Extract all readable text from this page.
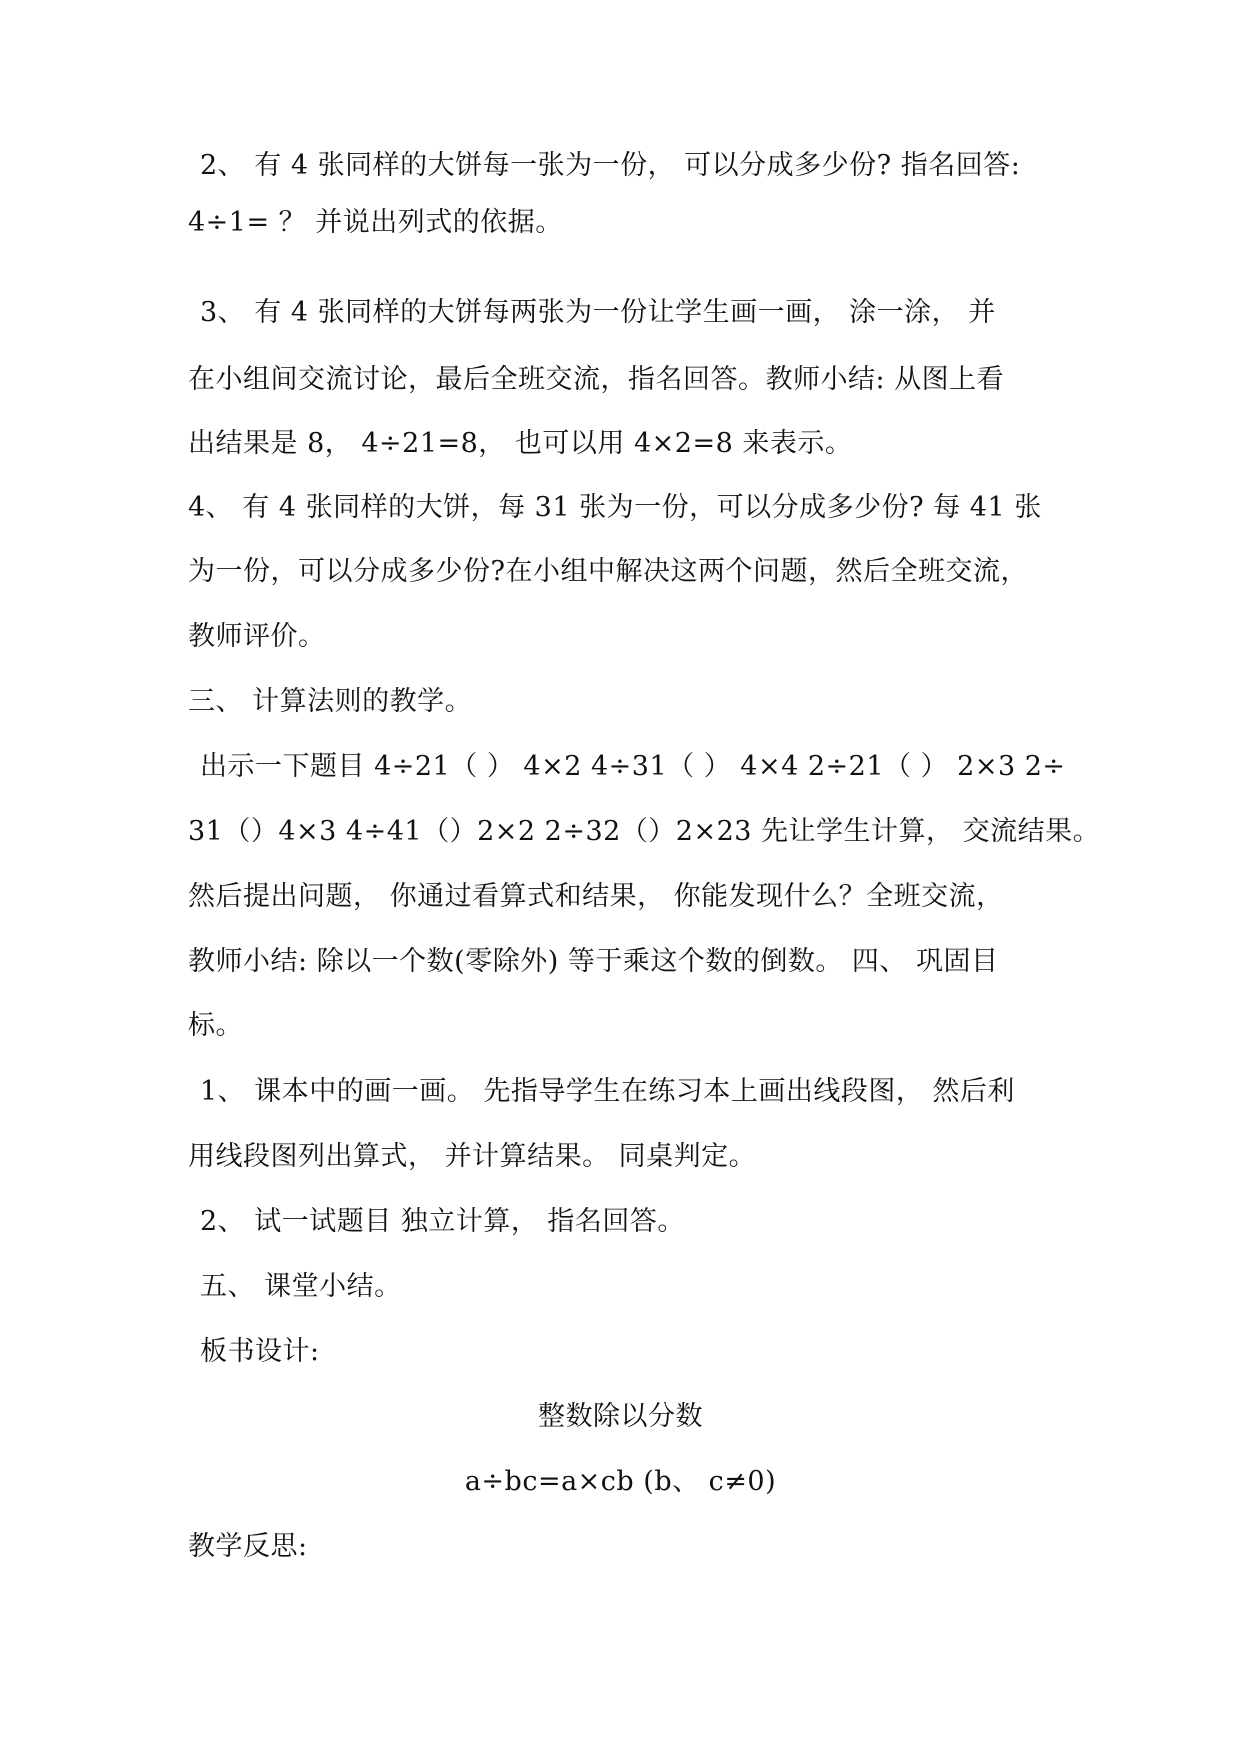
2、 有 4 张同样的大饼每一张为一份， 可以分成多少份? 指名回答:
4÷1= ？ 并说出列式的依据。
3、 有 4 张同样的大饼每两张为一份让学生画一画， 涂一涂， 并
在小组间交流讨论，最后全班交流，指名回答。教师小结: 从图上看
出结果是 8， 4÷21=8， 也可以用 4×2=8 来表示。
4、 有 4 张同样的大饼，每 31 张为一份，可以分成多少份? 每 41 张
为一份，可以分成多少份?在小组中解决这两个问题，然后全班交流，
教师评价。
三、 计算法则的教学。
出示一下题目 4÷21（ ） 4×2 4÷31（ ） 4×4 2÷21（ ） 2×3 2÷
31（）4×3 4÷41（）2×2 2÷32（）2×23 先让学生计算， 交流结果。
然后提出问题， 你通过看算式和结果， 你能发现什么？全班交流，
教师小结: 除以一个数(零除外) 等于乘这个数的倒数。 四、 巩固目
标。
1、 课本中的画一画。 先指导学生在练习本上画出线段图， 然后利
用线段图列出算式， 并计算结果。 同桌判定。
2、 试一试题目 独立计算， 指名回答。
五、 课堂小结。
板书设计:
整数除以分数
a÷bc=a×cb (b、 c≠0)
教学反思:
